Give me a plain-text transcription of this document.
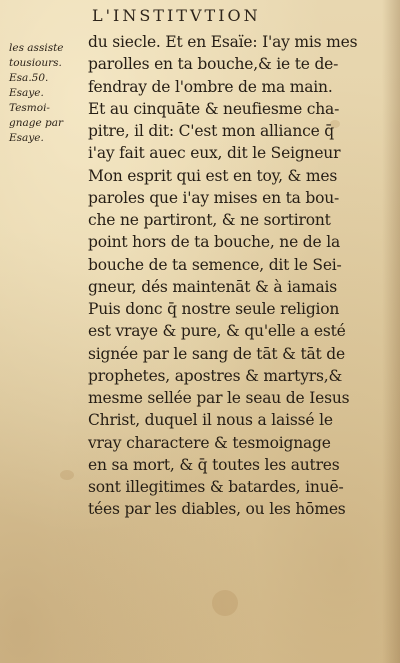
L'INSTITVTION
les assiste
tousiours.
Esa.50.
Esaye.
Tesmoi-
gnage par
Esaye.
du siecle. Et en Esaïe: I'ay mis mes
parolles en ta bouche,& ie te de-
fendray de l'ombre de ma main.
Et au cinquāte & neufiesme cha-
pitre, il dit: C'est mon alliance q̄
i'ay fait auec eux, dit le Seigneur
Mon esprit qui est en toy, & mes
paroles que i'ay mises en ta bou-
che ne partiront, & ne sortiront
point hors de ta bouche, ne de la
bouche de ta semence, dit le Sei-
gneur, dés maintenāt & à iamais
Puis donc q̄ nostre seule religion
est vraye & pure, & qu'elle a esté
signée par le sang de tāt & tāt de
prophetes, apostres & martyrs,&
mesme sellée par le seau de Iesus
Christ, duquel il nous a laissé le
vray charactere & tesmoignage
en sa mort, & q̄ toutes les autres
sont illegitimes & batardes, inuē-
tées par les diables, ou les hōmes
